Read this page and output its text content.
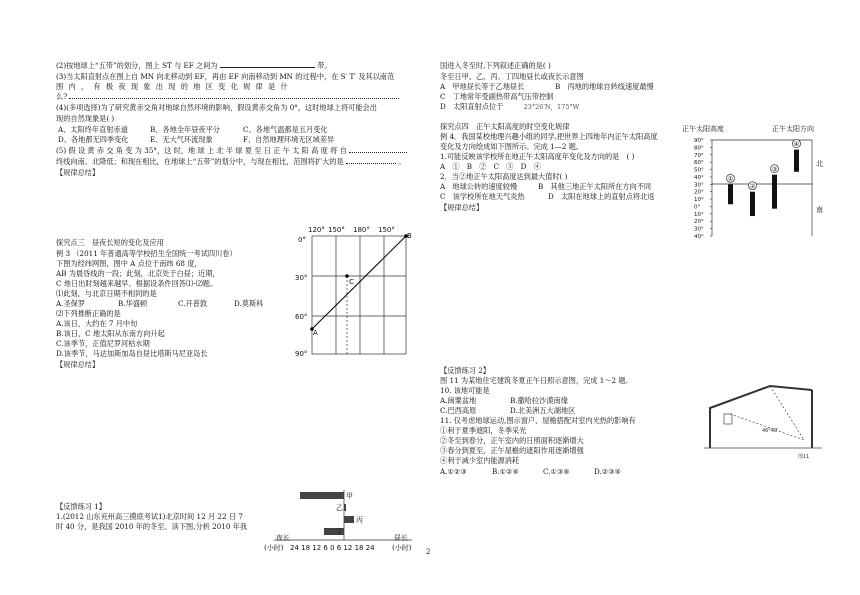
(2)按地球上“五带”的划分，图上 ST 与 EF 之间为	带。
(3)当太阳直射点在图上自 MN 向北移动到 EF，再由 EF 向南移动到 MN 的过程中，在 S′ T′ 及其以南范
围 内 ， 有 极 夜 现 象 出 现 的 地 区 变 化 规 律 是 什
么?
(4)(多项选择)为了研究黄赤交角对地球自然环境的影响，假设黄赤交角为 0°，这时地球上将可能会出
现的自然现象是( )
A、太阳终年直射赤道	B、各地全年昼夜平分	C、各地气温都是五月变化
D、各地都无四季变化	E、无大气环流现象	F、自然地理环境无区域差异
(5) 假 设 黄 赤 交 角 变 为 35°，这 时，地 球 上 北 半 球 夏 至 日 正 午 太 阳 高 度 将 自
终线向南、北降低；和现在相比，在地球上“五带”的划分中，与现在相比，范围将扩大的是	。
【规律总结】
探究点三　昼夜长短的变化及应用
例 3 （2011 年普通高等学校招生全国统一考试四川卷）
下图为经纬网图，图中 A 点位于南纬 68 度，
AB 为晨昏线的一段；此刻，北京处于白昼；近期，
C 地日出时刻越来越早。根据设条件回答⑴-⑵题。
⑴此刻，与北京日期不相同的是
A.圣保罗	B.华盛顿	C.开普敦	D.莫斯科
⑵下列推断正确的是
A.该日，大约在 7 月中旬
B.该日，C 地太阳从东南方向升起
C.该季节，正值尼罗河枯水期
D.该季节，马达加斯加岛自昼比塔斯马尼亚岛长
【规律总结】
【反馈练习 1】
1.(2012 山东兖州高三摸底考试1)北京时间 12 月 22 日 7
时 40 分，是我国 2010 年的冬至。读下图,分析 2010 年我
120° 150° 180° 150°
0°
30°
60°
90°
A
B
C
甲
乙
丙
丁
夜长	昼长
(小时) 24 18 12 6 0 6 12 18 24 (小时)
国进入冬至时,下列叙述正确的是( )
冬至日甲、乙、丙、丁四地昼长或夜长示意图
A　甲地昼长等于乙地昼长	B　丙地的地球自转线速度最慢
C　丁地常年受副热带高气压带控制
D　太阳直射点位于	23°26′N，175°W
探究点四　正午太阳高度的时空变化规律
例 4．我国某校地理兴趣小组的同学,把世界上四地年内正午太阳高度
变化及方向绘成如下图所示。完成 1—2 题。
1.可能反映该学校所在地正午太阳高度年变化及方向的是　( )
A　①　B　②　C　③　D　④
2．当②地正午太阳高度达到最大值时( )
A　地球公转的速度较慢	B　其他三地正午太阳所在方向不同
C　该学校所在地天气炎热	D　太阳在地球上的直射点将北返
【规律总结】
正午太阳高度	正午太阳方向
北
南
90°
80°
70°
60°
50°
40°
30°
20°
10°
0°
10°
20°
30°
40°
①
②
③
④
【反馈练习 2】
图 11 为某地住宅建筑冬夏正午日照示意图，完成 1～2 题.
10. 该地可能是
A.闽粟盆地	B.撒哈拉沙漠南缘
C.巴西高原	D.北美洲五大湖地区
11. 仅考虑地球运动,图示窗户、屋檐搭配对室内光热的影响有
①利于夏季遮阳，冬季采光
②冬至到春分，正午室内的日照面积逐渐增大
③春分到夏至，正午屋檐的遮阳作用逐渐增强
④利于减少室内能源消耗
A.①②③	B.①②④	C.①③④	D.②③④
46°40′
图11
2
